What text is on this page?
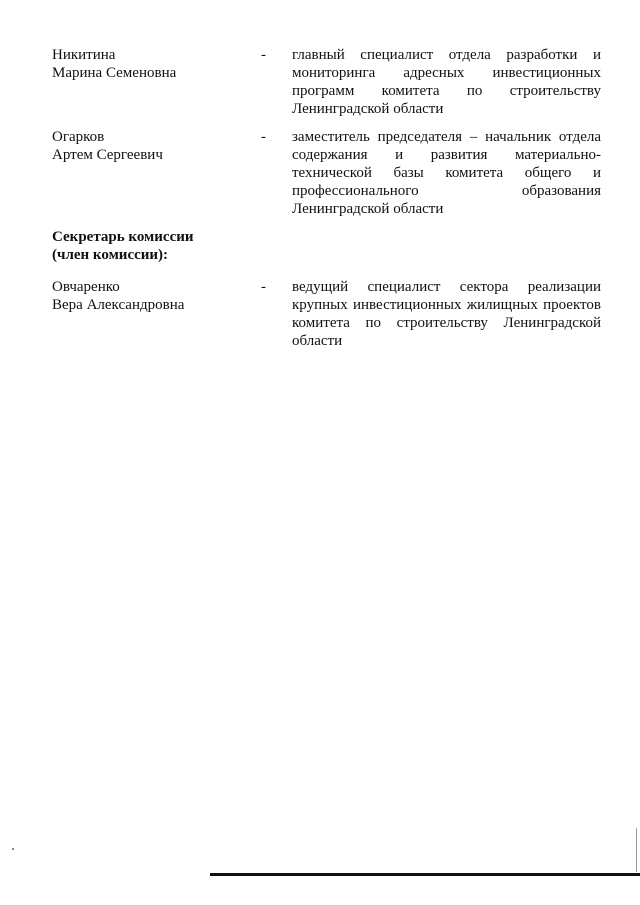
Никитина
Марина Семеновна
-	главный специалист отдела разработки и мониторинга адресных инвестиционных программ комитета по строительству Ленинградской области
Огарков
Артем Сергеевич
-	заместитель председателя – начальник отдела содержания и развития материально-технической базы комитета общего и профессионального образования Ленинградской области
Секретарь комиссии
(член комиссии):
Овчаренко
Вера Александровна
-	ведущий специалист сектора реализации крупных инвестиционных жилищных проектов комитета по строительству Ленинградской области
